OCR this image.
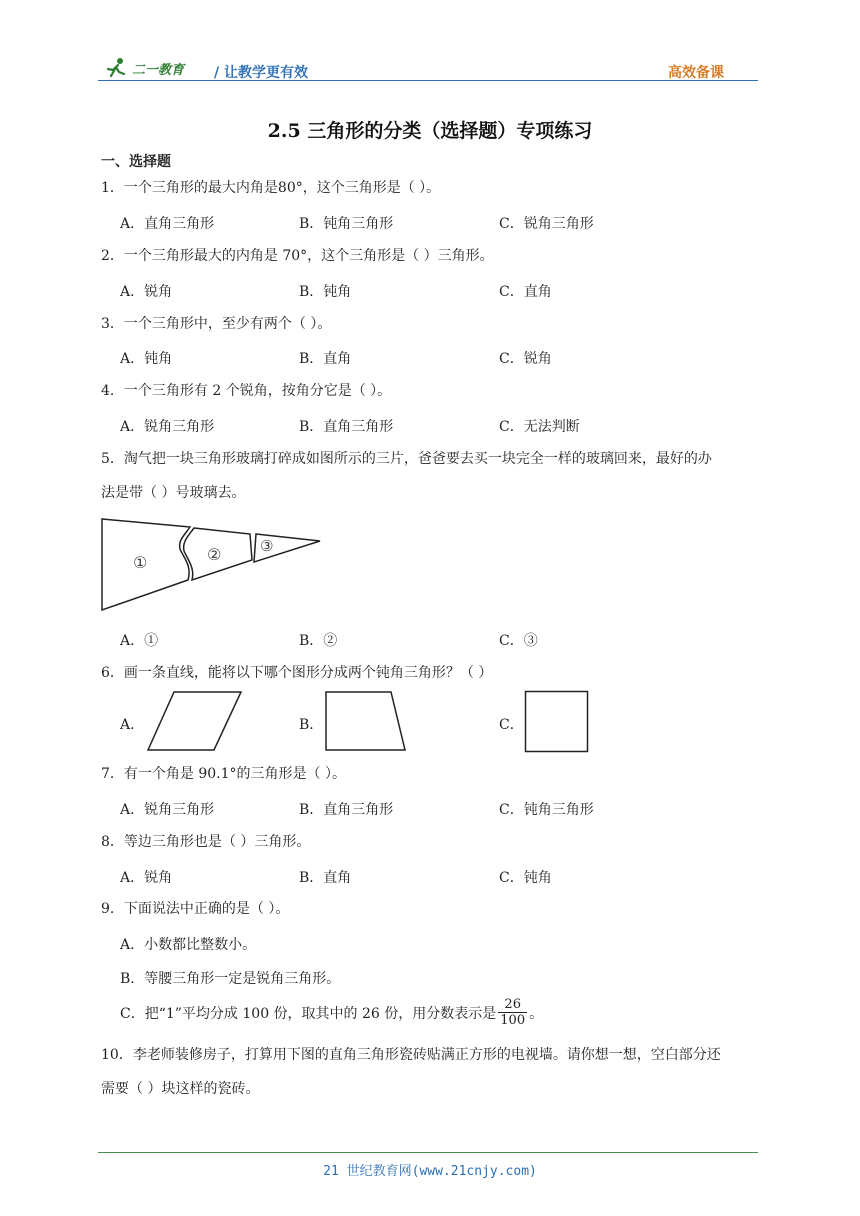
二一教育 / 让教学更有效	高效备课
2.5 三角形的分类（选择题）专项练习
一、选择题
1．一个三角形的最大内角是80°，这个三角形是（ ）。
A．直角三角形	B．钝角三角形	C．锐角三角形
2．一个三角形最大的内角是 70°，这个三角形是（ ）三角形。
A．锐角	B．钝角	C．直角
3．一个三角形中，至少有两个（ ）。
A．钝角	B．直角	C．锐角
4．一个三角形有 2 个锐角，按角分它是（ ）。
A．锐角三角形	B．直角三角形	C．无法判断
5．淘气把一块三角形玻璃打碎成如图所示的三片，爸爸要去买一块完全一样的玻璃回来，最好的办
法是带（ ）号玻璃去。
①	②	③
A．①	B．②	C．③
6．画一条直线，能将以下哪个图形分成两个钝角三角形？（ ）
A．	B．	C．
7．有一个角是 90.1°的三角形是（ ）。
A．锐角三角形	B．直角三角形	C．钝角三角形
8．等边三角形也是（ ）三角形。
A．锐角	B．直角	C．钝角
9．下面说法中正确的是（ ）。
A．小数都比整数小。
B．等腰三角形一定是锐角三角形。
C．把“1”平均分成 100 份，取其中的 26 份，用分数表示是 $\frac{26}{100}$ 。
10．李老师装修房子，打算用下图的直角三角形瓷砖贴满正方形的电视墙。请你想一想，空白部分还
需要（ ）块这样的瓷砖。
21 世纪教育网(www.21cnjy.com)
